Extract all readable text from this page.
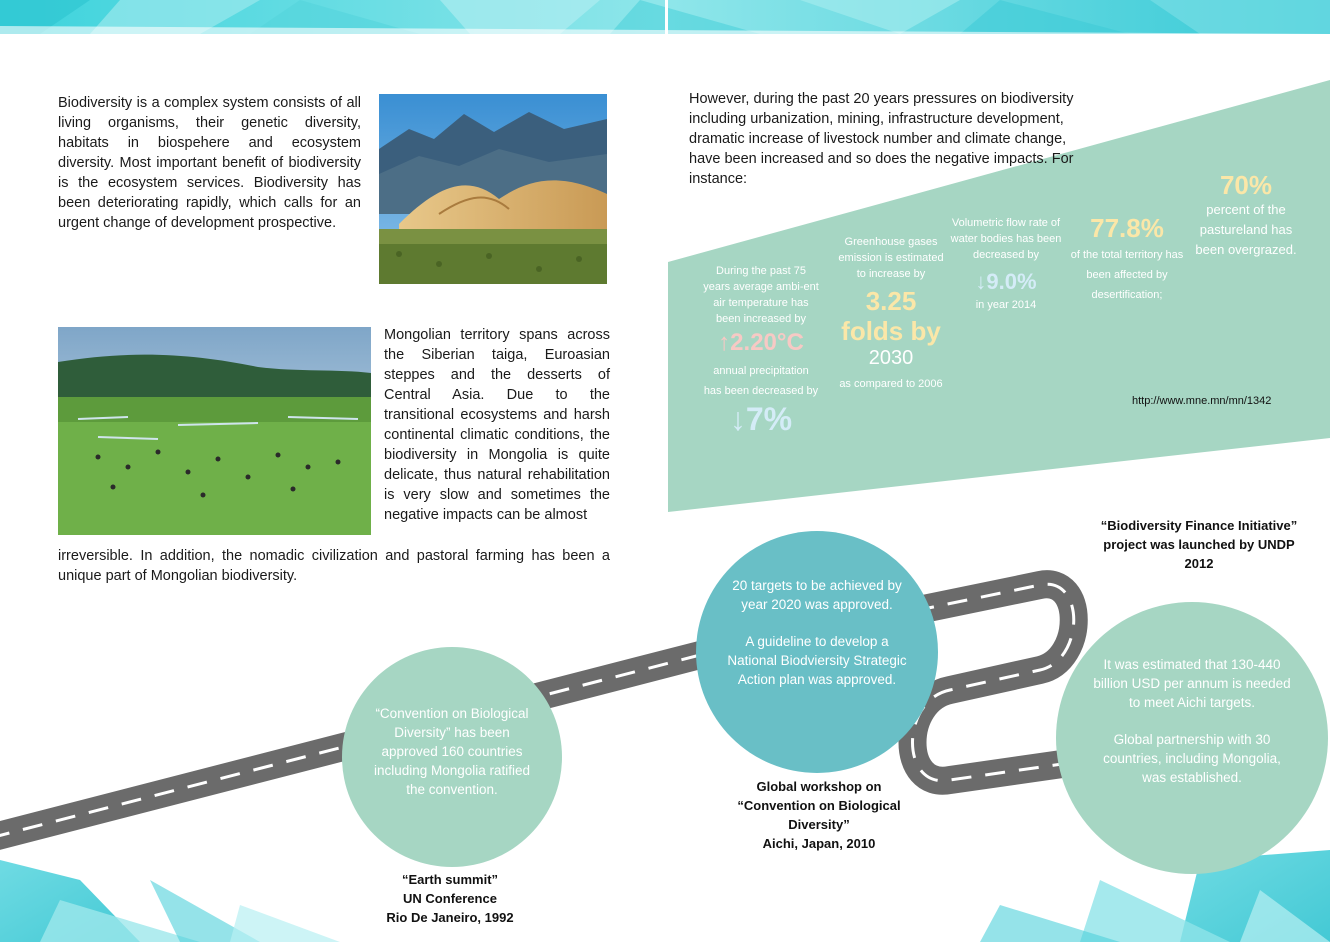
Biodiversity is a complex system consists of all living organisms, their genetic diversity, habitats in biospehere and ecosystem diversity. Most important benefit of biodiversity is the ecosystem services. Biodiversity has been deteriorating rapidly, which calls for an urgent change of development prospective.
Mongolian territory spans across the Siberian taiga, Euroasian steppes and the desserts of Central Asia. Due to the transitional ecosystems and harsh continental climatic conditions, the biodiversity in Mongolia is quite delicate, thus natural rehabilitation is very slow and sometimes the negative impacts can be almost
irreversible. In addition, the nomadic civilization and pastoral farming has been a unique part of Mongolian biodiversity.
However, during the past 20 years pressures on biodiversity including urbanization, mining, infrastructure development, dramatic increase of livestock number and climate change, have been increased and so does the negative impacts. For instance:
During the past 75 years average ambi-ent air temperature has been increased by
↑2.20°C
annual precipitation has been decreased by
↓7%
Greenhouse gases emission is estimated to increase by
3.25 folds by
2030
as compared to 2006
Volumetric flow rate of water bodies has been decreased by
↓9.0%
in year 2014
77.8%
of the total territory has been affected by desertification;
70%
percent of the pastureland has been overgrazed.
http://www.mne.mn/mn/1342
“Convention on Biological Diversity” has been approved 160 countries including Mongolia ratified the convention.
20 targets to be achieved by year 2020 was approved.
A guideline to develop a National Biodviersity Strategic Action plan was approved.
It was estimated that 130-440 billion USD per annum is needed to meet Aichi targets.
Global partnership with 30 countries, including Mongolia, was established.
“Earth summit”
UN Conference
Rio De Janeiro, 1992
Global workshop on
“Convention on Biological Diversity”
Aichi, Japan, 2010
“Biodiversity Finance Initiative” project was launched by UNDP
2012
